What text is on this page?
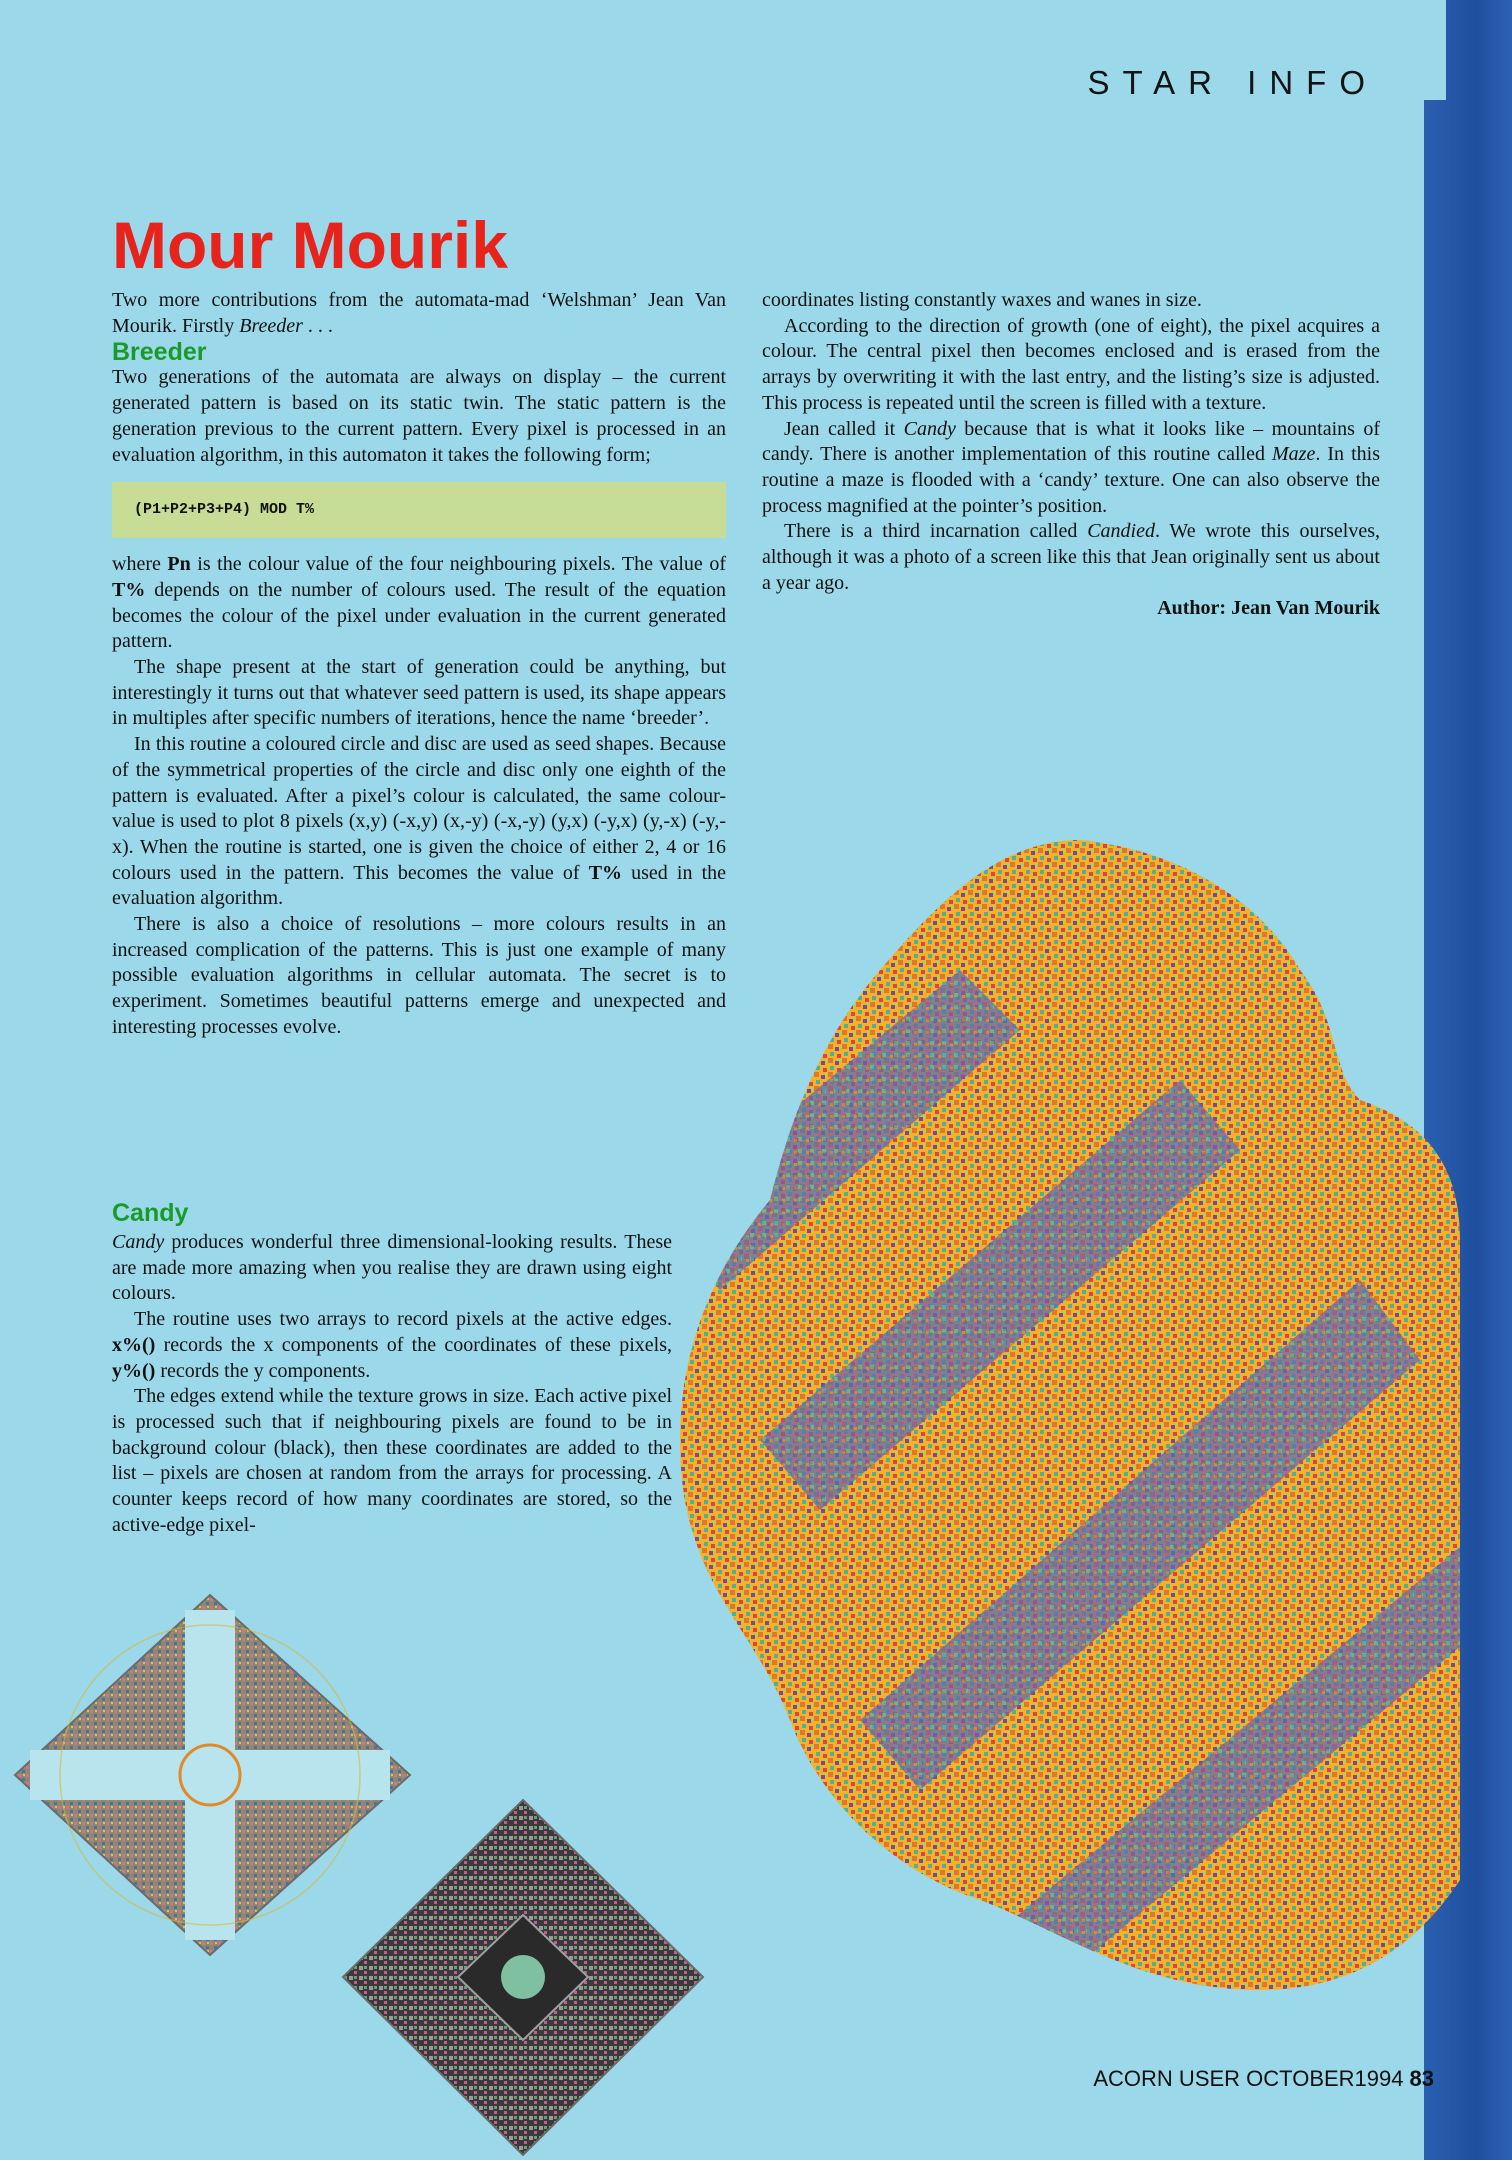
STAR INFO
Mour Mourik

Two more contributions from the automata-mad ‘Welshman’ Jean Van Mourik. Firstly Breeder . . .

Breeder

Two generations of the automata are always on display – the current generated pattern is based on its static twin. The static pattern is the generation previous to the current pattern. Every pixel is processed in an evaluation algorithm, in this automaton it takes the following form;

(P1+P2+P3+P4) MOD T%

where Pn is the colour value of the four neighbouring pixels. The value of T% depends on the number of colours used. The result of the equation becomes the colour of the pixel under evaluation in the current generated pattern.

The shape present at the start of generation could be anything, but interestingly it turns out that whatever seed pattern is used, its shape appears in multiples after specific numbers of iterations, hence the name ‘breeder’.

In this routine a coloured circle and disc are used as seed shapes. Because of the symmetrical properties of the circle and disc only one eighth of the pattern is evaluated. After a pixel’s colour is calculated, the same colour-value is used to plot 8 pixels (x,y) (-x,y) (x,-y) (-x,-y) (y,x) (-y,x) (y,-x) (-y,-x). When the routine is started, one is given the choice of either 2, 4 or 16 colours used in the pattern. This becomes the value of T% used in the evaluation algorithm.

There is also a choice of resolutions – more colours results in an increased complication of the patterns. This is just one example of many possible evaluation algorithms in cellular automata. The secret is to experiment. Sometimes beautiful patterns emerge and unexpected and interesting processes evolve.

Candy

Candy produces wonderful three dimensional-looking results. These are made more amazing when you realise they are drawn using eight colours.

The routine uses two arrays to record pixels at the active edges. x%() records the x components of the coordinates of these pixels, y%() records the y components.

The edges extend while the texture grows in size. Each active pixel is processed such that if neighbouring pixels are found to be in background colour (black), then these coordinates are added to the list – pixels are chosen at random from the arrays for processing. A counter keeps record of how many coordinates are stored, so the active-edge pixel-

coordinates listing constantly waxes and wanes in size.

According to the direction of growth (one of eight), the pixel acquires a colour. The central pixel then becomes enclosed and is erased from the arrays by overwriting it with the last entry, and the listing’s size is adjusted. This process is repeated until the screen is filled with a texture.

Jean called it Candy because that is what it looks like – mountains of candy. There is another implementation of this routine called Maze. In this routine a maze is flooded with a ‘candy’ texture. One can also observe the process magnified at the pointer’s position.

There is a third incarnation called Candied. We wrote this ourselves, although it was a photo of a screen like this that Jean originally sent us about a year ago.

Author: Jean Van Mourik

ACORN USER OCTOBER1994 83
